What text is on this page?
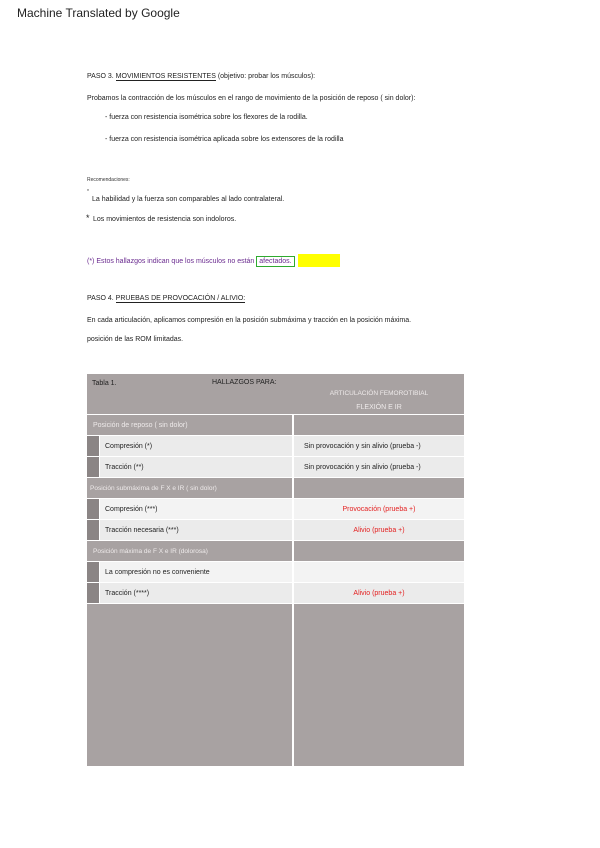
Machine Translated by Google
PASO 3. MOVIMIENTOS RESISTENTES (objetivo: probar los músculos):
Probamos la contracción de los músculos en el rango de movimiento de la posición de reposo ( sin dolor):
- fuerza con resistencia isométrica sobre los flexores de la rodilla.
- fuerza con resistencia isométrica aplicada sobre los extensores de la rodilla
Recomendaciones:
*
La habilidad y la fuerza son comparables al lado contralateral.
* Los movimientos de resistencia son indoloros.
(*) Estos hallazgos indican que los músculos no están afectados.
PASO 4. PRUEBAS DE PROVOCACIÓN / ALIVIO:
En cada articulación, aplicamos compresión en la posición submáxima y tracción en la posición máxima.
posición de las ROM limitadas.
Tabla 1.	HALLAZGOS PARA:
ARTICULACIÓN FEMOROTIBIAL
FLEXIÓN E IR
Posición de reposo ( sin dolor)
Compresión (*)	Sin provocación y sin alivio (prueba -)
Tracción (**)	Sin provocación y sin alivio (prueba -)
Posición submáxima de F X e IR ( sin dolor)
Compresión (***)	Provocación (prueba +)
Tracción necesaria (***)	Alivio (prueba +)
Posición máxima de F X e IR (dolorosa)
La compresión no es conveniente
Tracción (****)	Alivio (prueba +)
